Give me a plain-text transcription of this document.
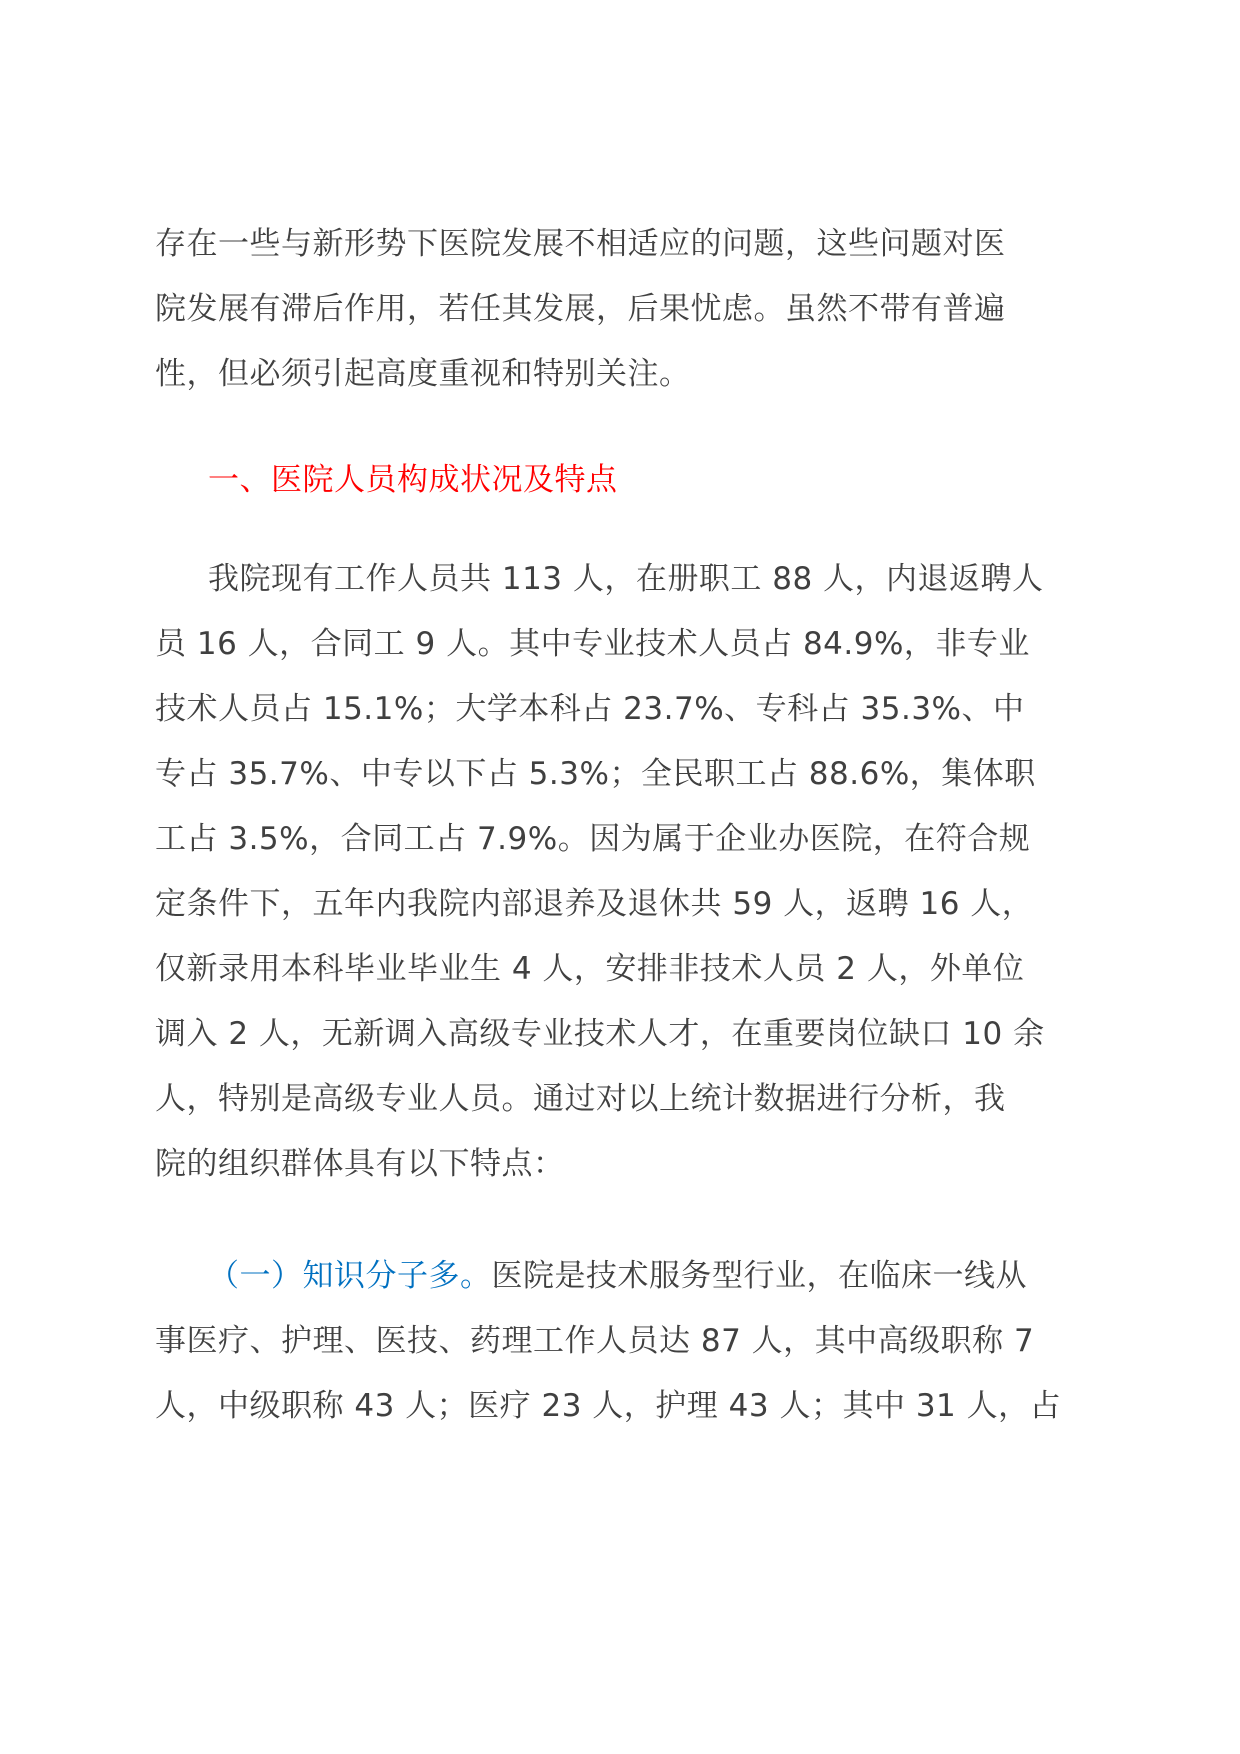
存在一些与新形势下医院发展不相适应的问题，这些问题对医
院发展有滞后作用，若任其发展，后果忧虑。虽然不带有普遍
性，但必须引起高度重视和特别关注。

一、医院人员构成状况及特点

我院现有工作人员共 113 人，在册职工 88 人，内退返聘人
员 16 人，合同工 9 人。其中专业技术人员占 84.9%，非专业
技术人员占 15.1%；大学本科占 23.7%、专科占 35.3%、中
专占 35.7%、中专以下占 5.3%；全民职工占 88.6%，集体职
工占 3.5%，合同工占 7.9%。因为属于企业办医院，在符合规
定条件下，五年内我院内部退养及退休共 59 人，返聘 16 人，
仅新录用本科毕业毕业生 4 人，安排非技术人员 2 人，外单位
调入 2 人，无新调入高级专业技术人才，在重要岗位缺口 10 余
人，特别是高级专业人员。通过对以上统计数据进行分析，我
院的组织群体具有以下特点：

（一）知识分子多。医院是技术服务型行业，在临床一线从
事医疗、护理、医技、药理工作人员达 87 人，其中高级职称 7
人，中级职称 43 人；医疗 23 人，护理 43 人；其中 31 人，占
